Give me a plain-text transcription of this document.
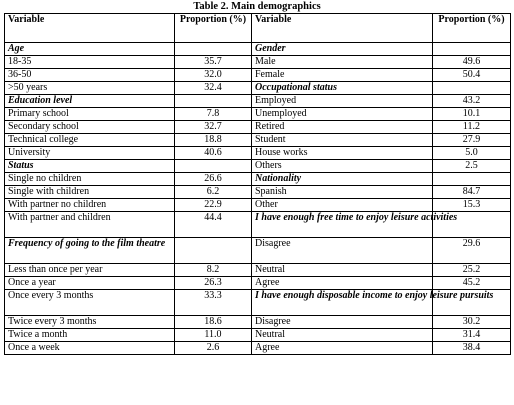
Table 2. Main demographics
Variable	Proportion (%)	Variable	Proportion (%)
Age		Gender	
18-35	35.7	Male	49.6
36-50	32.0	Female	50.4
>50 years	32.4	Occupational status	
Education level		Employed	43.2
Primary school	7.8	Unemployed	10.1
Secondary school	32.7	Retired	11.2
Technical college	18.8	Student	27.9
University	40.6	House works	5.0
Status		Others	2.5
Single no children	26.6	Nationality	
Single with children	6.2	Spanish	84.7
With partner no children	22.9	Other	15.3
With partner and children	44.4	I have enough free time to enjoy leisure activities	
Frequency of going to the film theatre		Disagree	29.6
Less than once per year	8.2	Neutral	25.2
Once a year	26.3	Agree	45.2
Once every 3 months	33.3	I have enough disposable income to enjoy leisure pursuits	
Twice every 3 months	18.6	Disagree	30.2
Twice a month	11.0	Neutral	31.4
Once a week	2.6	Agree	38.4
